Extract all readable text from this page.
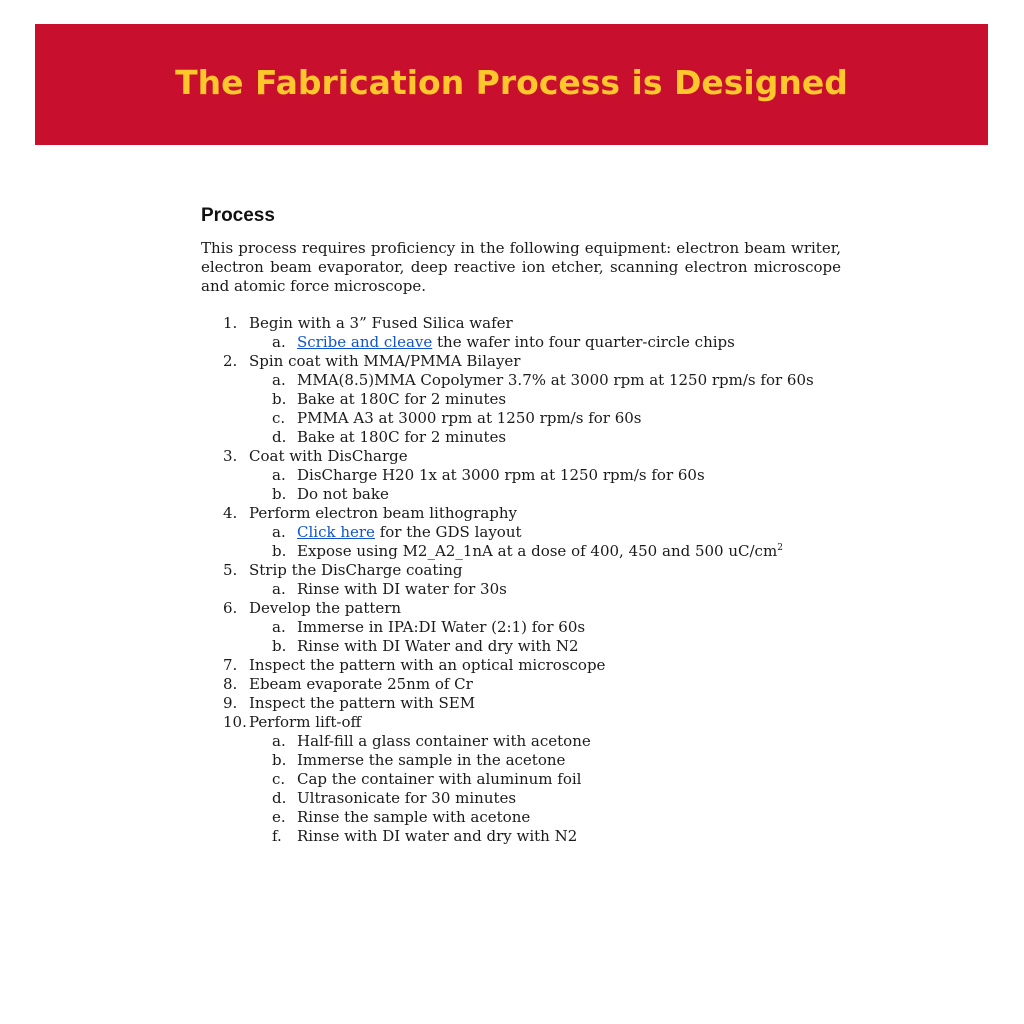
The Fabrication Process is Designed
Process

This process requires proficiency in the following equipment: electron beam writer, electron beam evaporator, deep reactive ion etcher, scanning electron microscope and atomic force microscope.

1. Begin with a 3” Fused Silica wafer
a. Scribe and cleave the wafer into four quarter-circle chips
2. Spin coat with MMA/PMMA Bilayer
a. MMA(8.5)MMA Copolymer 3.7% at 3000 rpm at 1250 rpm/s for 60s
b. Bake at 180C for 2 minutes
c. PMMA A3 at 3000 rpm at 1250 rpm/s for 60s
d. Bake at 180C for 2 minutes
3. Coat with DisCharge
a. DisCharge H20 1x at 3000 rpm at 1250 rpm/s for 60s
b. Do not bake
4. Perform electron beam lithography
a. Click here for the GDS layout
b. Expose using M2_A2_1nA at a dose of 400, 450 and 500 $uC/cm^2$
5. Strip the DisCharge coating
a. Rinse with DI water for 30s
6. Develop the pattern
a. Immerse in IPA:DI Water (2:1) for 60s
b. Rinse with DI Water and dry with N2
7. Inspect the pattern with an optical microscope
8. Ebeam evaporate 25nm of Cr
9. Inspect the pattern with SEM
10. Perform lift-off
a. Half-fill a glass container with acetone
b. Immerse the sample in the acetone
c. Cap the container with aluminum foil
d. Ultrasonicate for 30 minutes
e. Rinse the sample with acetone
f.	Rinse with DI water and dry with N2
